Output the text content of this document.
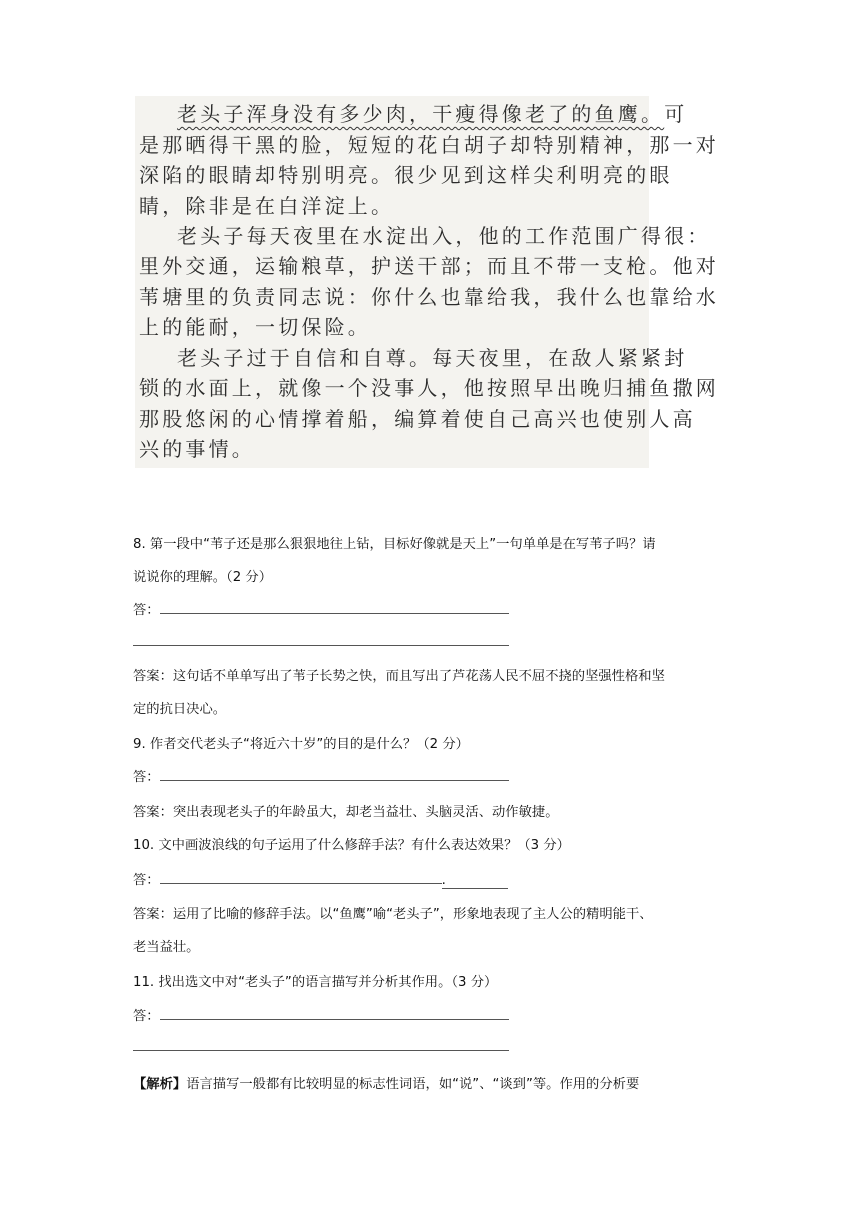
老头子浑身没有多少肉，干瘦得像老了的鱼鹰。可
是那晒得干黑的脸，短短的花白胡子却特别精神，那一对
深陷的眼睛却特别明亮。很少见到这样尖利明亮的眼
睛，除非是在白洋淀上。
老头子每天夜里在水淀出入，他的工作范围广得很：
里外交通，运输粮草，护送干部；而且不带一支枪。他对
苇塘里的负责同志说：你什么也靠给我，我什么也靠给水
上的能耐，一切保险。
老头子过于自信和自尊。每天夜里，在敌人紧紧封
锁的水面上，就像一个没事人，他按照早出晚归捕鱼撒网
那股悠闲的心情撑着船，编算着使自己高兴也使别人高
兴的事情。
8. 第一段中“苇子还是那么狠狠地往上钻，目标好像就是天上”一句单单是在写苇子吗？请
说说你的理解。（2 分）
答：
答案：这句话不单单写出了苇子长势之快，而且写出了芦花荡人民不屈不挠的坚强性格和坚
定的抗日决心。
9. 作者交代老头子“将近六十岁”的目的是什么？（2 分）
答：
答案：突出表现老头子的年龄虽大，却老当益壮、头脑灵活、动作敏捷。
10. 文中画波浪线的句子运用了什么修辞手法？有什么表达效果？（3 分）
答：	.
答案：运用了比喻的修辞手法。以“鱼鹰”喻“老头子”，形象地表现了主人公的精明能干、
老当益壮。
11. 找出选文中对“老头子”的语言描写并分析其作用。（3 分）
答：
【解析】语言描写一般都有比较明显的标志性词语，如“说”、“谈到”等。作用的分析要
